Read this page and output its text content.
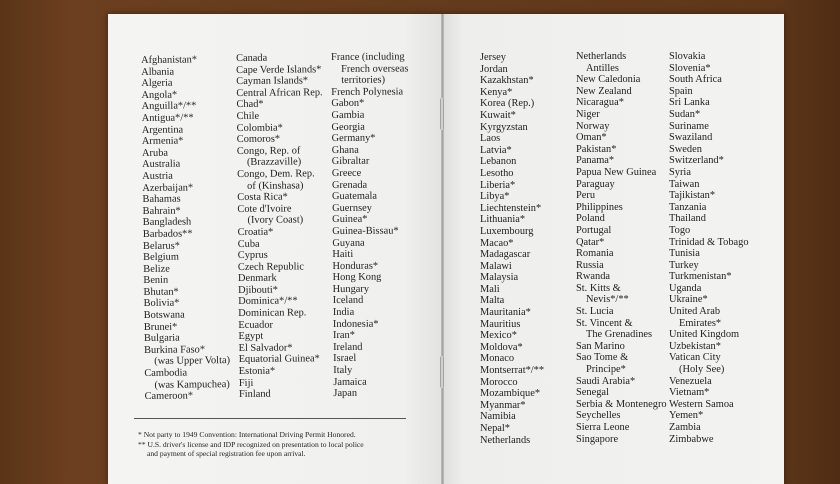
Afghanistan*
Albania
Algeria
Angola*
Anguilla*/**
Antigua*/**
Argentina
Armenia*
Aruba
Australia
Austria
Azerbaijan*
Bahamas
Bahrain*
Bangladesh
Barbados**
Belarus*
Belgium
Belize
Benin
Bhutan*
Bolivia*
Botswana
Brunei*
Bulgaria
Burkina Faso*
(was Upper Volta)
Cambodia
(was Kampuchea)
Cameroon*
Canada
Cape Verde Islands*
Cayman Islands*
Central African Rep.
Chad*
Chile
Colombia*
Comoros*
Congo, Rep. of
(Brazzaville)
Congo, Dem. Rep.
of (Kinshasa)
Costa Rica*
Cote d'Ivoire
(Ivory Coast)
Croatia*
Cuba
Cyprus
Czech Republic
Denmark
Djibouti*
Dominica*/**
Dominican Rep.
Ecuador
Egypt
El Salvador*
Equatorial Guinea*
Estonia*
Fiji
Finland
France (including
French overseas
territories)
French Polynesia
Gabon*
Gambia
Georgia
Germany*
Ghana
Gibraltar
Greece
Grenada
Guatemala
Guernsey
Guinea*
Guinea-Bissau*
Guyana
Haiti
Honduras*
Hong Kong
Hungary
Iceland
India
Indonesia*
Iran*
Ireland
Israel
Italy
Jamaica
Japan
Jersey
Jordan
Kazakhstan*
Kenya*
Korea (Rep.)
Kuwait*
Kyrgyzstan
Laos
Latvia*
Lebanon
Lesotho
Liberia*
Libya*
Liechtenstein*
Lithuania*
Luxembourg
Macao*
Madagascar
Malawi
Malaysia
Mali
Malta
Mauritania*
Mauritius
Mexico*
Moldova*
Monaco
Montserrat*/**
Morocco
Mozambique*
Myanmar*
Namibia
Nepal*
Netherlands
Netherlands
Antilles
New Caledonia
New Zealand
Nicaragua*
Niger
Norway
Oman*
Pakistan*
Panama*
Papua New Guinea
Paraguay
Peru
Philippines
Poland
Portugal
Qatar*
Romania
Russia
Rwanda
St. Kitts &
Nevis*/**
St. Lucia
St. Vincent &
The Grenadines
San Marino
Sao Tome &
Principe*
Saudi Arabia*
Senegal
Serbia & Montenegro
Seychelles
Sierra Leone
Singapore
Slovakia
Slovenia*
South Africa
Spain
Sri Lanka
Sudan*
Suriname
Swaziland
Sweden
Switzerland*
Syria
Taiwan
Tajikistan*
Tanzania
Thailand
Togo
Trinidad & Tobago
Tunisia
Turkey
Turkmenistan*
Uganda
Ukraine*
United Arab
Emirates*
United Kingdom
Uzbekistan*
Vatican City
(Holy See)
Venezuela
Vietnam*
Western Samoa
Yemen*
Zambia
Zimbabwe
* Not party to 1949 Convention: International Driving Permit Honored.
** U.S. driver's license and IDP recognized on presentation to local police
and payment of special registration fee upon arrival.
